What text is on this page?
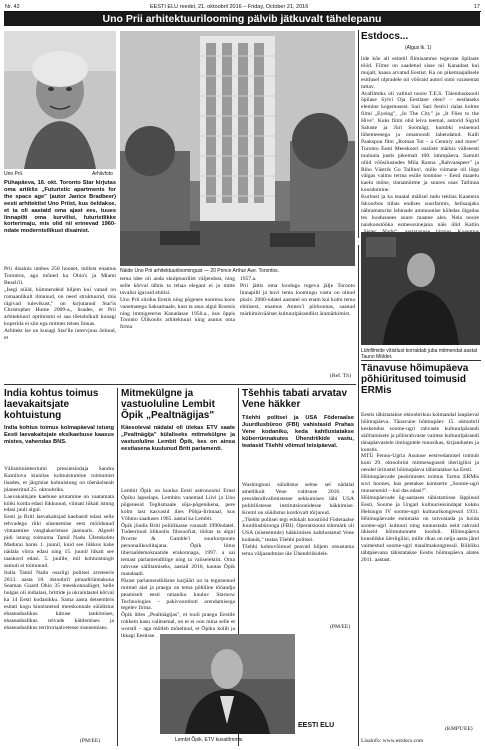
Nr. 42	EESTI ELU reedel, 21. oktoobril 2016 – Friday, October 21, 2016	17
Uno Prii arhitektuurilooming pälvib jätkuvalt tähelepanu
Uno Prii.	Arhiivfoto
Näide Uno Prii arhitektuuriloomingust — 20 Prince Arthur Ave. Torontos.
Pühapäeva, 16. okt. Toronto Star kirjutas oma artiklis „Futuristic apartments for the space age" (autor Janice Bradbeer) eesti arhitektist Uno Priist, kus öeldakse, et ta oli aastaid oma ajast ees, tuues linnapilti oma kurvilist, futuristlikke korterimaju, mis olid nii erinevad 1960-ndate modernistlikust disainist.
Prii disainis umbes 250 hoonet, millest enamus Torontos, aga mõned ka Ohio's ja Miami Beach'il.
„Isegi nüüd, kümnendeid hiljem kui vanad on romaanlikult ilmunud, on need struktuurid, mis rägivad tulevikust," on kirjutanud Star'is Christopher Hume 2009-a., lisades, et Prii arhitektuuri optimismi ei saa tõendolkult kunagi koperida ei siin ega mitmes teises linnas.
Arhitekt ise on kunagi Star'ile intervjuus öelnud, et
tema idee oli anda skulptuurilist väljendust, ning selle kõrval tähtis ta tehaa elegant ei ja mitte tavalisi igavaid ehitisi.
Uno Prii siirdus Eestis ning põgenes noorena koos vanematega Saksamaale, kust ta asus algul Rootsis ning immigreerus Kanadasse 1950.a., kus õppis Toronto Ülikoolis arhitektuuri ning asutus oma firma
1957.a.
Prii jättis oma loodugа tugeva jälje Toronto linnapilti ja huvi tema loomingu vastu on olnud püsiv. 2000-ndatel aastatel on enam kui kolm tema ehitisest, enamus Annex'i piirkonnas, saanud märkimisväärset kultuuripärandlist äramärkimist.
(Ref. TS)
Estdocs...
(Algus lk. 1)
lide kõe all esitetil filmisamme tegevate õpilaste tööd. Filme on saadetud sisse nii Kanadast kui mujalt, kaasa arvatud Eestist. Ka on pikemaajalisele esitlusel ulpradele nii võõraid autori nimi varasemat tuttav.
Avafilmiks oli valitud noore T.E.S. Täiendusksooli õpilase Sylvi Oja Eestlane olen? – eestlaseks elemine kogemusest. Sari Sari festivi rialas kolme filmi „Eyeing", „In The City" ja „It Flies to the Hive". Kuks filmi olid leiva teemal, autorid Sigrid Saluste ja Jüri Soomägi, kumbki esinenud lühemeesega ja omamoodi lahendatud. Kalli Paakspuu film „Roman Tot – a Century and more" Toronto Eesti Meeskoori osaliste märkis väliseesti tuuluula justis pikemalt 100. ümmpäeva. Samuti oliid võõsilustudes Mila Ranna „Rahvaaspeer" ja Riho Västrik Go Tallinn!, mille viimane oli lõpp välgas vaimu terma esiile toomine – Eesti maaelu kaelu mõne, tinnamürme ja suures osas Tallinna koosdomine.
Kurbust ja ka teaatal mälisel tudu tekitas Kaamera Iskoorbos tiibas endises suurfarmis, helisaajaks näbramaturist lehmade ammuunise kõledas ülgadas tes loodusnees suure maatee ales. Nela noore naiskoostööka esmesosinejana näis ülid Katlin
Lühifilmide võistlust korraldab juba mitmendat aastat Tauno Mölder.
Lisainfo: www.estdocs.com
Tänavuse hõimupäeva põhiüritused toimusid ERMis
Eestis tähistatakse oktoobrikuu kolmandal laupäeval hõimupäeva. Tänavune hõimupäev 15. oktoobril keskendus soome-ugri rahvaste kultuuripärandi säilitamisele ja põlisrahvaste vaimse kultuuripärandi tänapäevastele iimingutele muusikas, kirjandustes ja kunstis.
MTÜ Fenno-Ugria Asutuse eestvedamisel toimub kuni 29. oktoobrini mitmesugused üleriigilisi ja nendel üritustel hõimupäeva tähistatakse ka Eesti.
Hõimupäevade peaüritustes toimus Tartus ERMis suvi hoones, kus peetakse kontserte „Soome-ugri muuseumid – kui das edasi?".
Hõimupäevade üg-aastases tähistamisse läppinud Eesti, Soome ja Ungari kultuuriessindajat kokku Helsingis IV soome-ugri kultuurikongressil 1931. Hõimupäevade esmmaks on tutvustada ja hoida soome-ugri kultuuri ning tunnustada neid rahvaid ühiseid hõimutunnete loodoli. Hõimupäeva konstlikke üleriigilisi, mille rikas on nelja aasta järel vaimestud soome-ugri maailmakongressil. Riikliku tähtpäevana tähistatakse Eestis hõimupäeva alates 2011. aastast.
(KMPT/EE)
India kohtus toimus laevakaitsjate kohtuistung
India kohtus toimus kolmapäeval istung Eesti laevakaitsjate eksikaebuse kaasus mistes, vahendas BNS.
Välisministeeriumi pressiesindaja Sandra Kamilova kinnitas kohtuistumine toimumist lisades, et järgmise kohtuistung on tõenäolsealt planeeritud 25. oktoobriks.
Laevakaitsjate kaebuse arutamine on vaatamata kõiki korda edasi lükkunud, viimati lükati istung edasi juuli algul.
Eesti ja Briti laevakaitsjad kaebasid edasi selle tehvadega riiki süsenemise eest möödunud vintaamine vanglakaristuse jaanuaris. Algselt pidi istung toimuma Tamil Nadu Ülemkohtu Madurai harus 1. juunil, kuid see lükkus kahe nädala võrra edasi ning 15. juunil lükati see taaskord edasi. 5. juulile, mil kohtuistungit samuti ei toimunud.
India Tamil Nadu osariigi politsei arreteeris 2013. aasta 18. oktoobril piraadirünnakuna Seaman Guard Ohio 35 meeskonnaliiget, kelle hulgas oli indialasi, brittide ja ukrainlastel kõrval ka 14 Eesti kodanikku. Sama aasta detsembris esitati kogu kinnisnetud meeskonnale süüdistus ebaseaduslikus kütuse tankimises, ebaseaduslikus relvade käitlemises ja ebaseaduslikus territoriaalvetesse sisenemises.
(PM/EE)
Mitmekülgne ja vastuoluline Lembit Õpik „Pealtnägijas"
Käesoleval nädalal oli ülekas ETV saate „Pealtnägija" külaliseks mitmekülgne ja vastuoluline Lembit Õpik, kes on ainsa eestlasena kuulunud Briti parlamenti.
Lembit Õpik on kuulsa Eesti astronoomi Ernst Öpiku lapselaps. Lembitu vanemad Liivi ja Uno põgenesid Teglismaale sõja-põgenikena, pere kolm last kasvasid ilies Põhja-Iirimaal, kus Võhmu saaduses 1965. aastal ka Lembit.
Õpik jõudis Briti poliitikasse varasalt 1990ndatel. Tudeerinud ülikoolis filosoofiat, töötas ta algul Procter & Gamble'i suurkorporats personalikoolitajana. Õpik liitus liberaaldemokraatide erakonnaga, 1997. a sai temast parlamendiliige ning ta vaiiselektiit. Oma rahvuse säilitamiseks, aastail 2010, kaotas Õpik mandaadi.
Pärast parlamendiiikme karjääri on ta tegutsenud mitmel alal ja praegu on tema põhiline tööandja peamiselt eesti omaniku kuuluv Starnow Technologies – pakivooroboti arendamisega tegelev firma.
Õpik ütles „Pealtnägijas", et tooli praegu Eestile rohkem kasu valitsemal, on et ei oon mina selle et worstil – aga mõtleb mõtelnud, et Õpiku kolib ja ikkagi Eestisse.
Tšehhis tabati arvatav Vene häkker
Tšehhi politsei ja USA Föderaalse Juurdlusbüroo (FBI) vahistasid Prahas Vene kodaniku, keda kahtlustatakse küberrünnakutes Ühendriikide vastu, teatasid Tšehhi võimud teisipäeval.
Washingtoni süüdistus seitse sel nädalal ametlikult Vene valitsuse 2016. a presidendivalimistesse sekkumises läbi USA poliitilistesse institutsioonidesse häkkimise. Kreml on süüdistus kordovalt tõrjunud.
„Tšehhi politsei tegi edukalt koostööd Föderaalse Juurdlusbürooga (FBI). Operatsiooni sihtmärk oli USA (süsteemide) häkkimises kahtlustatud Vene kodanik," teatas Tšehhi politsei.
Tšehhi kohtuvõimud peavad hiljem otsustama tema väljaandmise üle Ühendriikidele.
(PM/EE)
Lembit Õpik, ETV kuvatõmmis.
EESTI ELU
